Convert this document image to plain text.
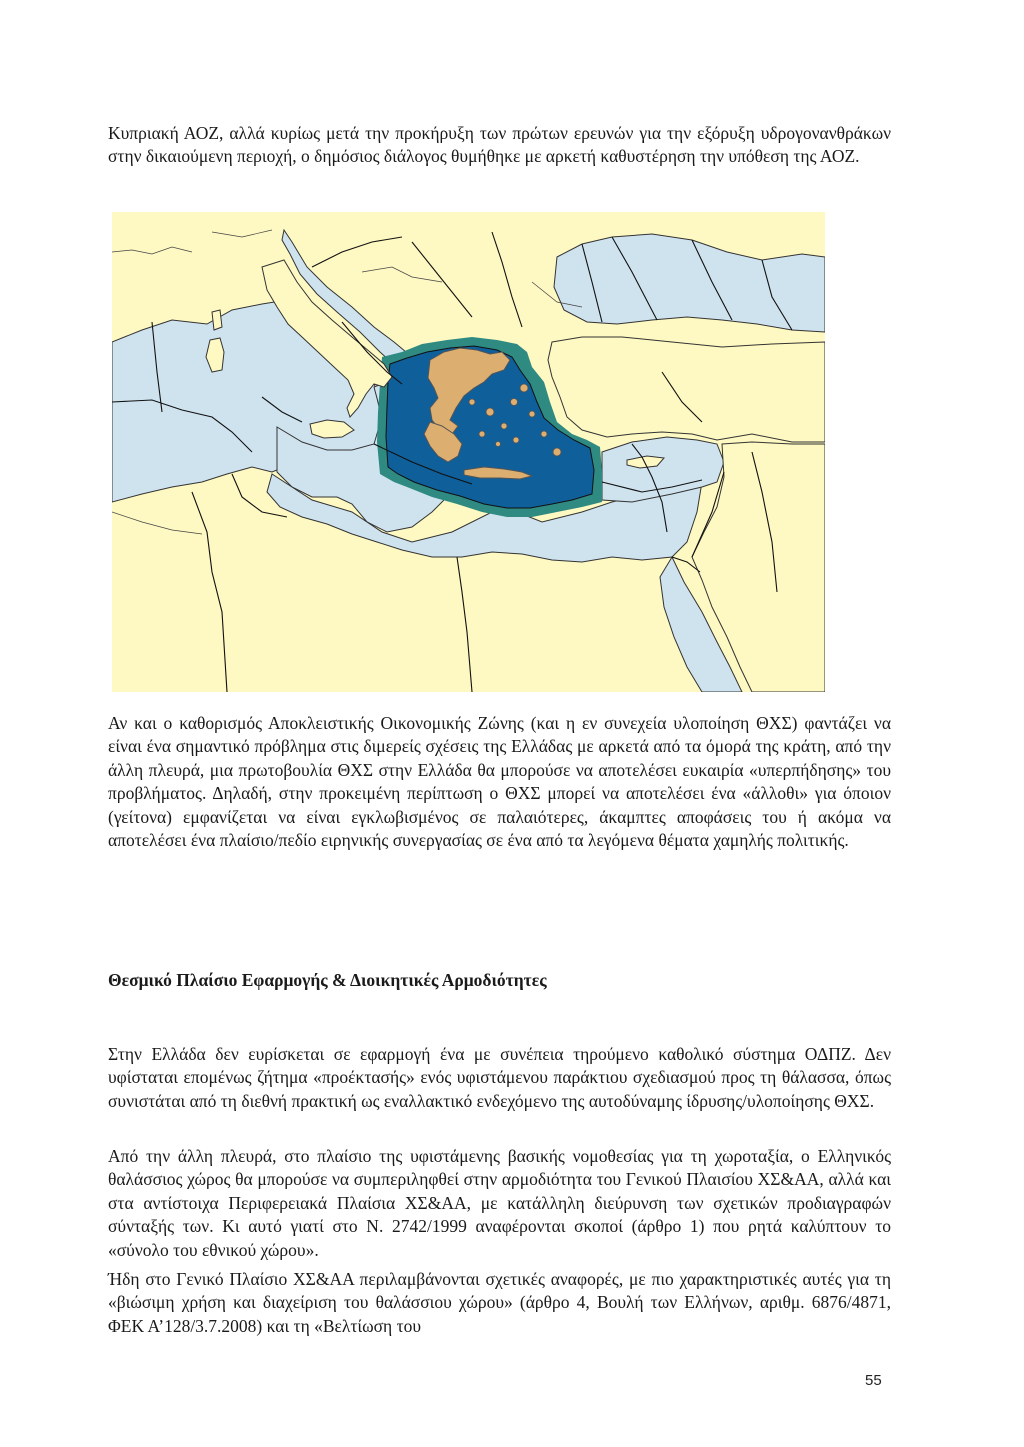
Κυπριακή ΑΟΖ, αλλά κυρίως μετά την προκήρυξη των πρώτων ερευνών για την εξόρυξη υδρογονανθράκων στην δικαιούμενη περιοχή, ο δημόσιος διάλογος θυμήθηκε με αρκετή καθυστέρηση την υπόθεση της ΑΟΖ.

Αν και ο καθορισμός Αποκλειστικής Οικονομικής Ζώνης (και η εν συνεχεία υλοποίηση ΘΧΣ) φαντάζει να είναι ένα σημαντικό πρόβλημα στις διμερείς σχέσεις της Ελλάδας με αρκετά από τα όμορά της κράτη, από την άλλη πλευρά, μια πρωτοβουλία ΘΧΣ στην Ελλάδα θα μπορούσε να αποτελέσει ευκαιρία «υπερπήδησης» του προβλήματος. Δηλαδή, στην προκειμένη περίπτωση ο ΘΧΣ μπορεί να αποτελέσει ένα «άλλοθι» για όποιον (γείτονα) εμφανίζεται να είναι εγκλωβισμένος σε παλαιότερες, άκαμπτες αποφάσεις του ή ακόμα να αποτελέσει ένα πλαίσιο/πεδίο ειρηνικής συνεργασίας σε ένα από τα λεγόμενα θέματα χαμηλής πολιτικής.

Θεσμικό Πλαίσιο Εφαρμογής & Διοικητικές Αρμοδιότητες

Στην Ελλάδα δεν ευρίσκεται σε εφαρμογή ένα με συνέπεια τηρούμενο καθολικό σύστημα ΟΔΠΖ. Δεν υφίσταται επομένως ζήτημα «προέκτασής» ενός υφιστάμενου παράκτιου σχεδιασμού προς τη θάλασσα, όπως συνιστάται από τη διεθνή πρακτική ως εναλλακτικό ενδεχόμενο της αυτοδύναμης ίδρυσης/υλοποίησης ΘΧΣ.

Από την άλλη πλευρά, στο πλαίσιο της υφιστάμενης βασικής νομοθεσίας για τη χωροταξία, ο Ελληνικός θαλάσσιος χώρος θα μπορούσε να συμπεριληφθεί στην αρμοδιότητα του Γενικού Πλαισίου ΧΣ&ΑΑ, αλλά και στα αντίστοιχα Περιφερειακά Πλαίσια ΧΣ&ΑΑ, με κατάλληλη διεύρυνση των σχετικών προδιαγραφών σύνταξής των. Κι αυτό γιατί στο Ν. 2742/1999 αναφέρονται σκοποί (άρθρο 1) που ρητά καλύπτουν το «σύνολο του εθνικού χώρου».

Ήδη στο Γενικό Πλαίσιο ΧΣ&ΑΑ περιλαμβάνονται σχετικές αναφορές, με πιο χαρακτηριστικές αυτές για τη «βιώσιμη χρήση και διαχείριση του θαλάσσιου χώρου» (άρθρο 4, Βουλή των Ελλήνων, αριθμ. 6876/4871, ΦΕΚ Α’128/3.7.2008) και τη «Βελτίωση του

55
